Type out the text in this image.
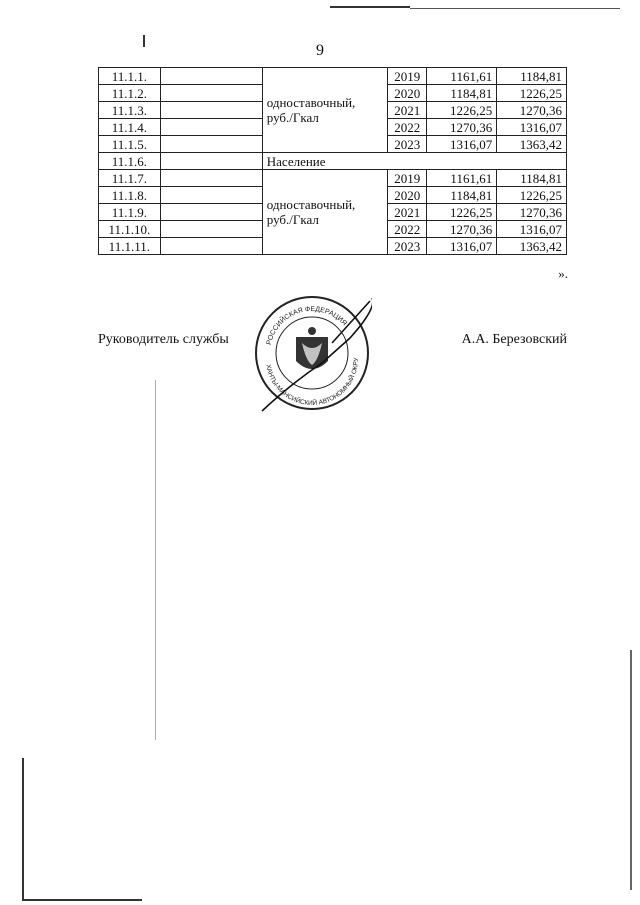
9
11.1.1.		одноставочный, руб./Гкал	2019	1161,61	1184,81
11.1.2.			2020	1184,81	1226,25
11.1.3.			2021	1226,25	1270,36
11.1.4.			2022	1270,36	1316,07
11.1.5.			2023	1316,07	1363,42
11.1.6.		Население			
11.1.7.		одноставочный, руб./Гкал	2019	1161,61	1184,81
11.1.8.			2020	1184,81	1226,25
11.1.9.			2021	1226,25	1270,36
11.1.10.			2022	1270,36	1316,07
11.1.11.			2023	1316,07	1363,42
».
Руководитель службы	А.А. Березовский
РОССИЙСКАЯ ФЕДЕРАЦИЯ
ХАНТЫ-МАНСИЙСКИЙ АВТОНОМНЫЙ ОКРУ
